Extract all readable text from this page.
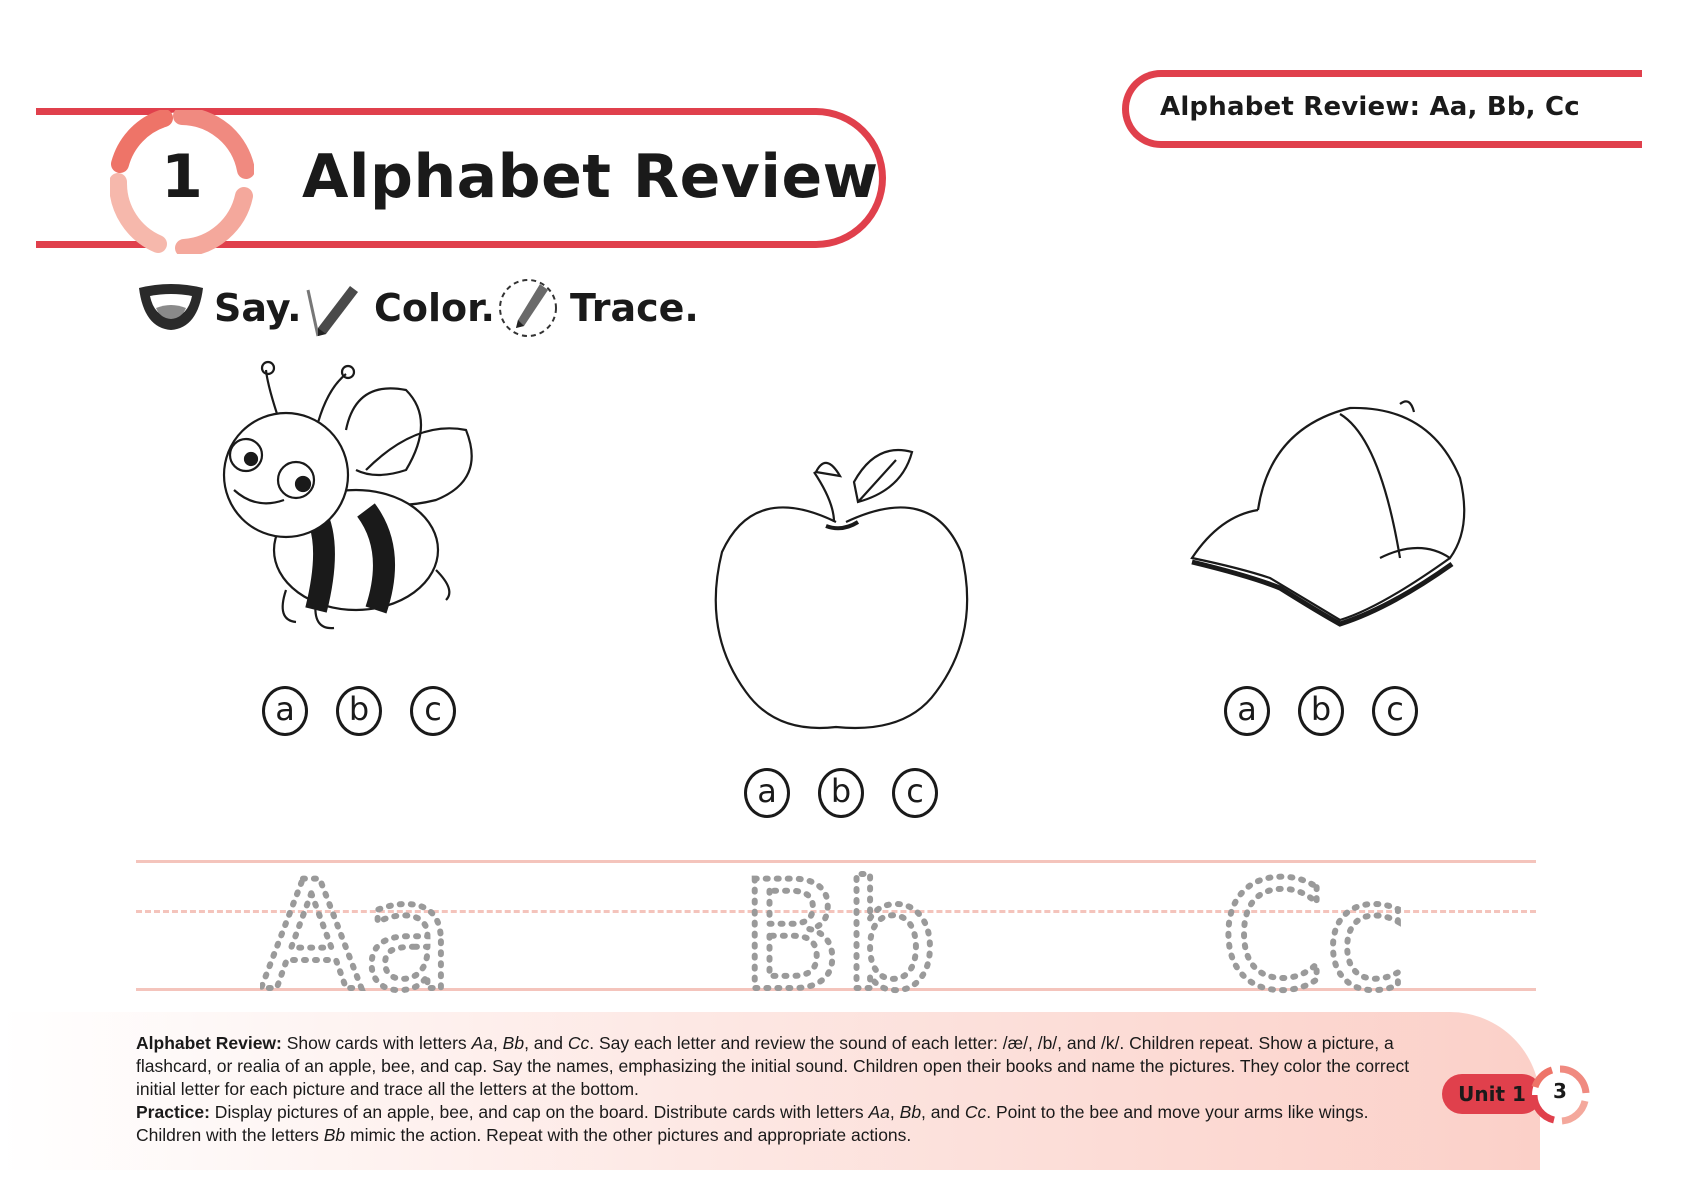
Alphabet Review: Aa, Bb, Cc
1	Alphabet Review
Say. Color. Trace.
a	b	c
a	b	c
a	b	c
Aa Bb Cc
Alphabet Review: Show cards with letters Aa, Bb, and Cc. Say each letter and review the sound of each letter: /æ/, /b/, and /k/. Children repeat. Show a picture, a flashcard, or realia of an apple, bee, and cap. Say the names, emphasizing the initial sound. Children open their books and name the pictures. They color the correct initial letter for each picture and trace all the letters at the bottom.
Practice: Display pictures of an apple, bee, and cap on the board. Distribute cards with letters Aa, Bb, and Cc. Point to the bee and move your arms like wings. Children with the letters Bb mimic the action. Repeat with the other pictures and appropriate actions.
Unit 1	3
